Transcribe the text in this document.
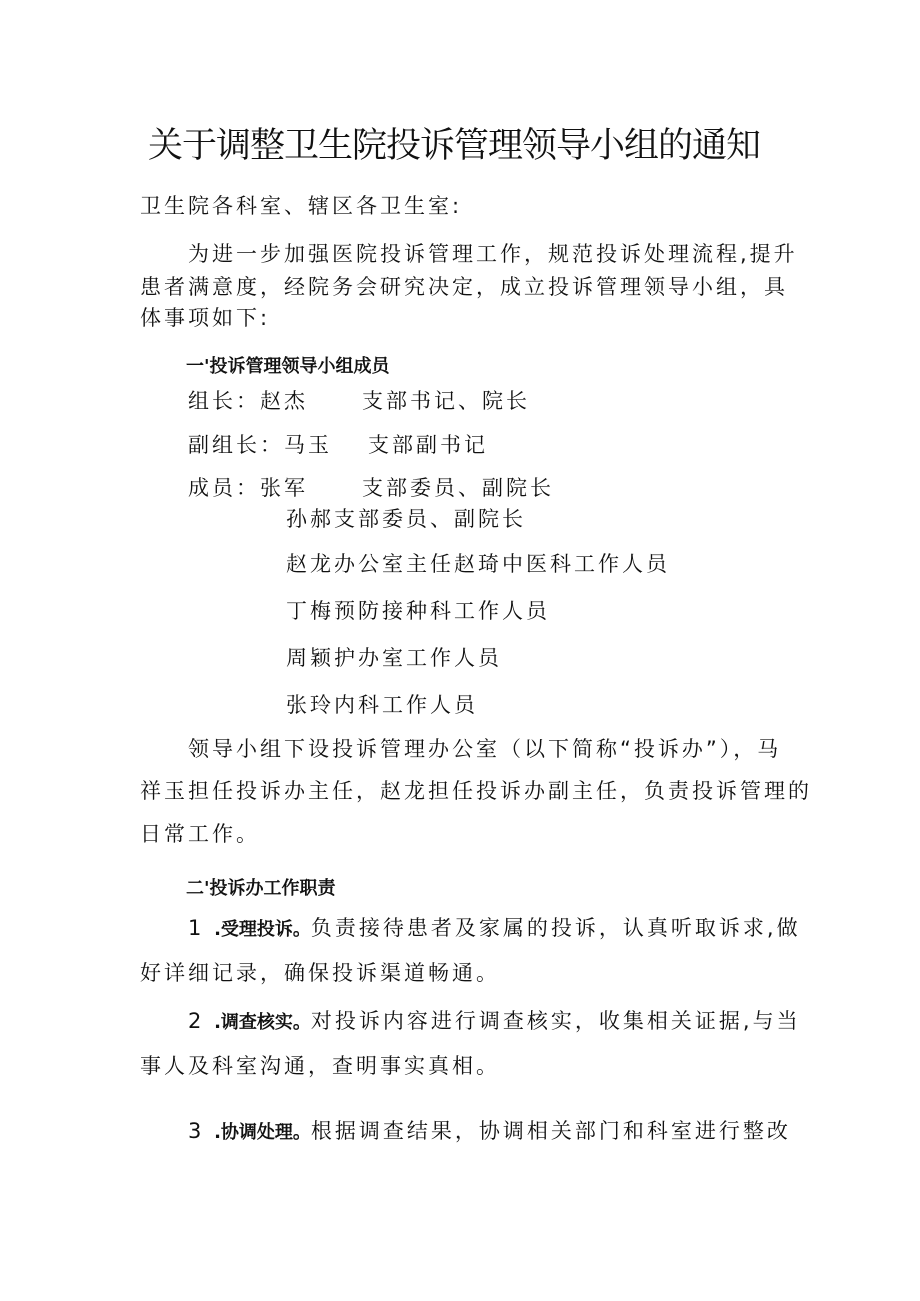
关于调整卫生院投诉管理领导小组的通知
卫生院各科室、辖区各卫生室:
为进一步加强医院投诉管理工作，规范投诉处理流程,提升
患者满意度，经院务会研究决定，成立投诉管理领导小组，具
体事项如下:
一'投诉管理领导小组成员
组长：赵杰	支部书记、院长
副组长：马玉 支部副书记
成员：张军	支部委员、副院长
孙郝支部委员、副院长
赵龙办公室主任赵琦中医科工作人员
丁梅预防接种科工作人员
周颖护办室工作人员
张玲内科工作人员
领导小组下设投诉管理办公室（以下简称“投诉办”），马
祥玉担任投诉办主任，赵龙担任投诉办副主任，负责投诉管理的
日常工作。
二'投诉办工作职责
1 .受理投诉。负责接待患者及家属的投诉，认真听取诉求,做
好详细记录，确保投诉渠道畅通。
2 .调查核实。对投诉内容进行调查核实，收集相关证据,与当
事人及科室沟通，查明事实真相。
3 .协调处理。根据调查结果，协调相关部门和科室进行整改
